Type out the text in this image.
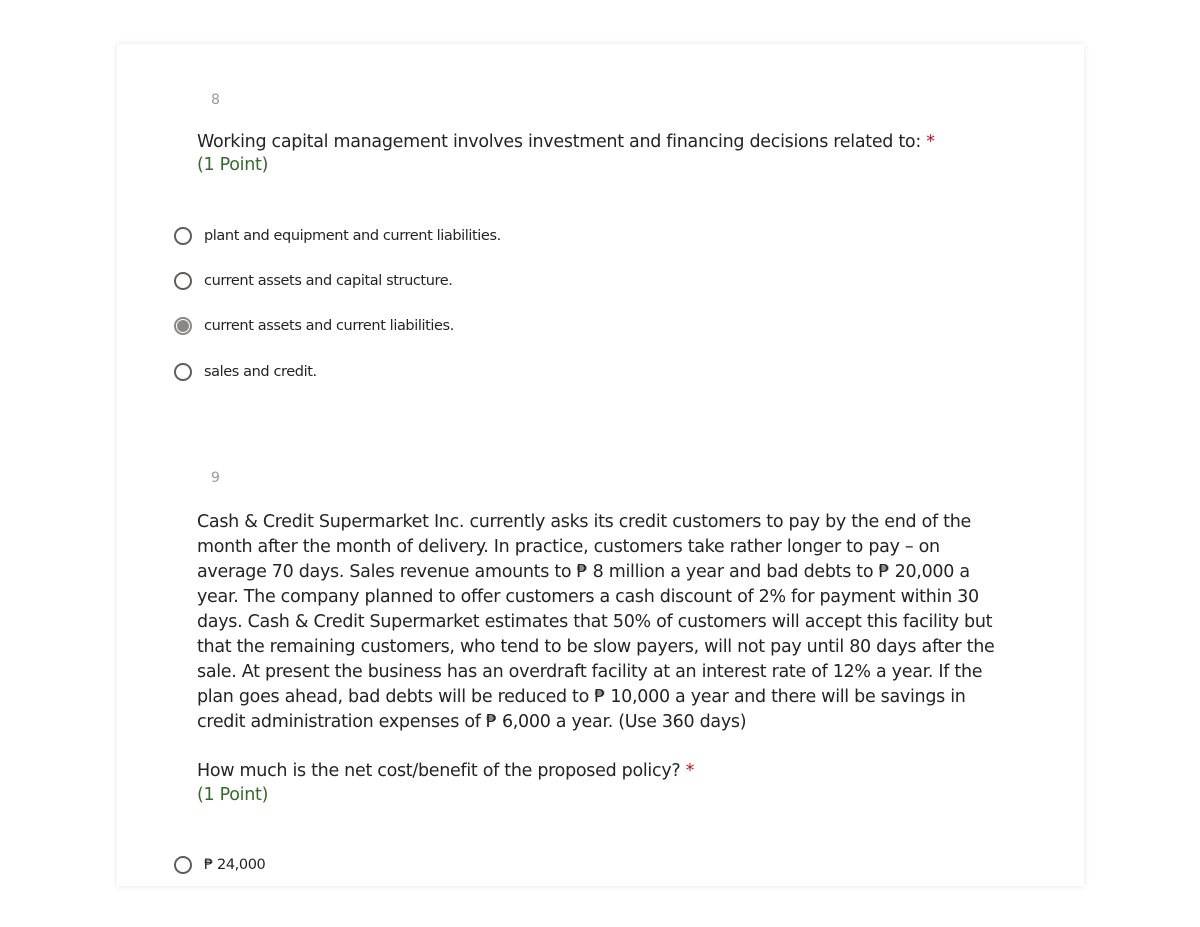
8
Working capital management involves investment and financing decisions related to: *
(1 Point)
plant and equipment and current liabilities.
current assets and capital structure.
current assets and current liabilities.
sales and credit.
9
Cash & Credit Supermarket Inc. currently asks its credit customers to pay by the end of the month after the month of delivery. In practice, customers take rather longer to pay – on average 70 days. Sales revenue amounts to ₱ 8 million a year and bad debts to ₱ 20,000 a year. The company planned to offer customers a cash discount of 2% for payment within 30 days. Cash & Credit Supermarket estimates that 50% of customers will accept this facility but that the remaining customers, who tend to be slow payers, will not pay until 80 days after the sale. At present the business has an overdraft facility at an interest rate of 12% a year. If the plan goes ahead, bad debts will be reduced to ₱ 10,000 a year and there will be savings in credit administration expenses of ₱ 6,000 a year. (Use 360 days)
How much is the net cost/benefit of the proposed policy? *
(1 Point)
₱ 24,000
